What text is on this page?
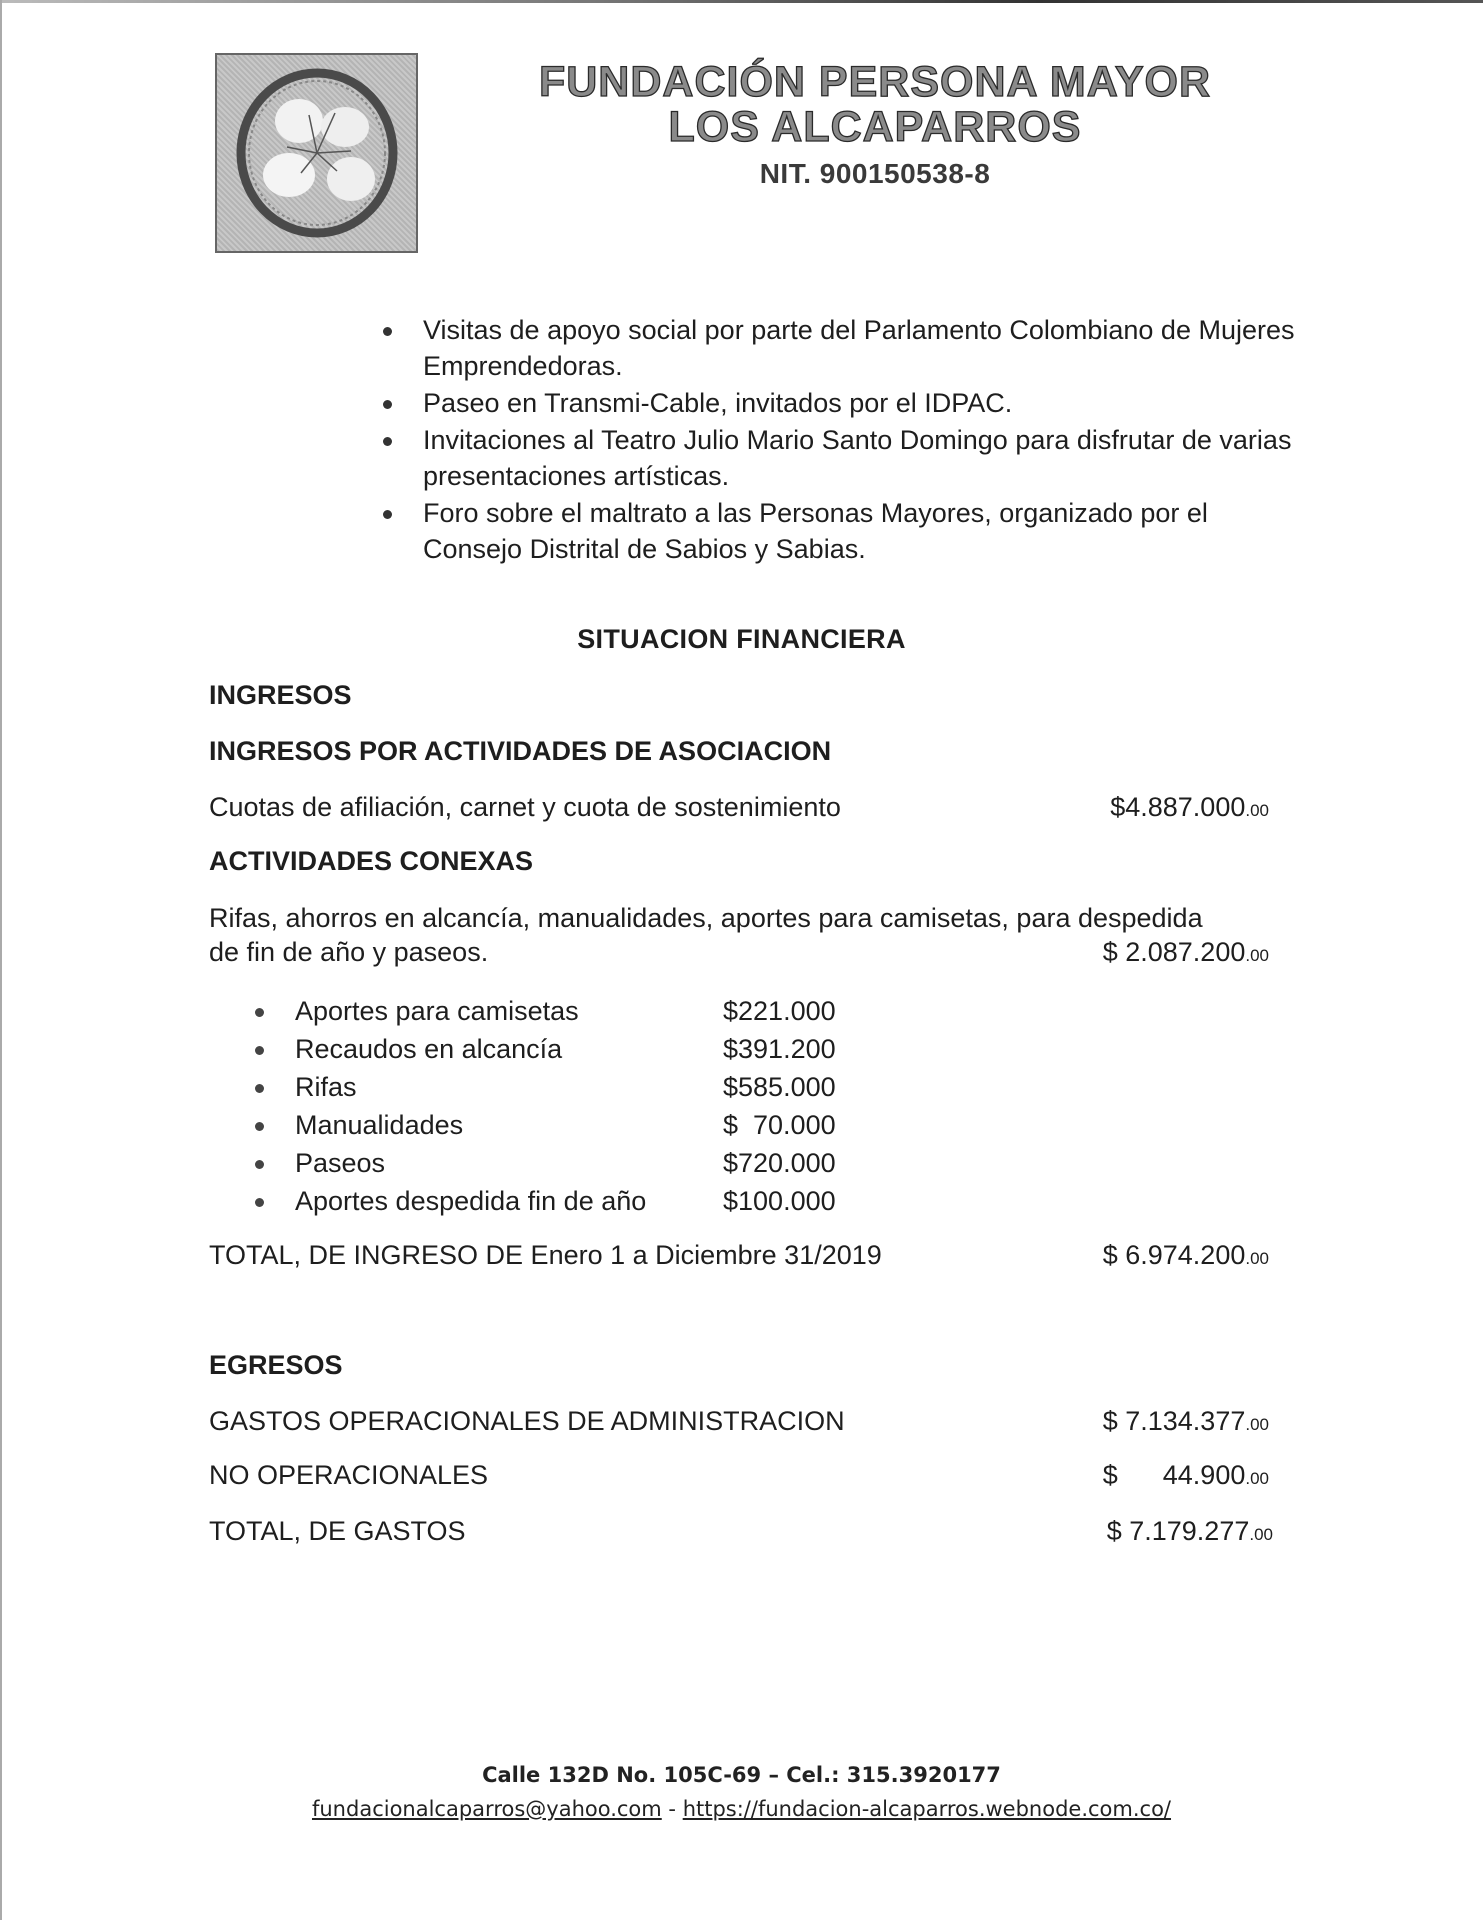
FUNDACIÓN PERSONA MAYOR
LOS ALCAPARROS
NIT. 900150538-8
Visitas de apoyo social por parte del Parlamento Colombiano de Mujeres Emprendedoras.
Paseo en Transmi-Cable, invitados por el IDPAC.
Invitaciones al Teatro Julio Mario Santo Domingo para disfrutar de varias presentaciones artísticas.
Foro sobre el maltrato a las Personas Mayores, organizado por el Consejo Distrital de Sabios y Sabias.
SITUACION FINANCIERA
INGRESOS
INGRESOS POR ACTIVIDADES DE ASOCIACION
Cuotas de afiliación, carnet y cuota de sostenimiento	$4.887.000.00
ACTIVIDADES CONEXAS
Rifas, ahorros en alcancía, manualidades, aportes para camisetas, para despedida
de fin de año y paseos.	$ 2.087.200.00
Aportes para camisetas	$221.000
Recaudos en alcancía	$391.200
Rifas	$585.000
Manualidades	$  70.000
Paseos	$720.000
Aportes despedida fin de año	$100.000
TOTAL, DE INGRESO DE Enero 1 a Diciembre 31/2019	$ 6.974.200.00
EGRESOS
GASTOS OPERACIONALES DE ADMINISTRACION	$ 7.134.377.00
NO OPERACIONALES	$      44.900.00
TOTAL, DE GASTOS	$ 7.179.277.00
Calle 132D No. 105C-69 – Cel.: 315.3920177
fundacionalcaparros@yahoo.com - https://fundacion-alcaparros.webnode.com.co/
